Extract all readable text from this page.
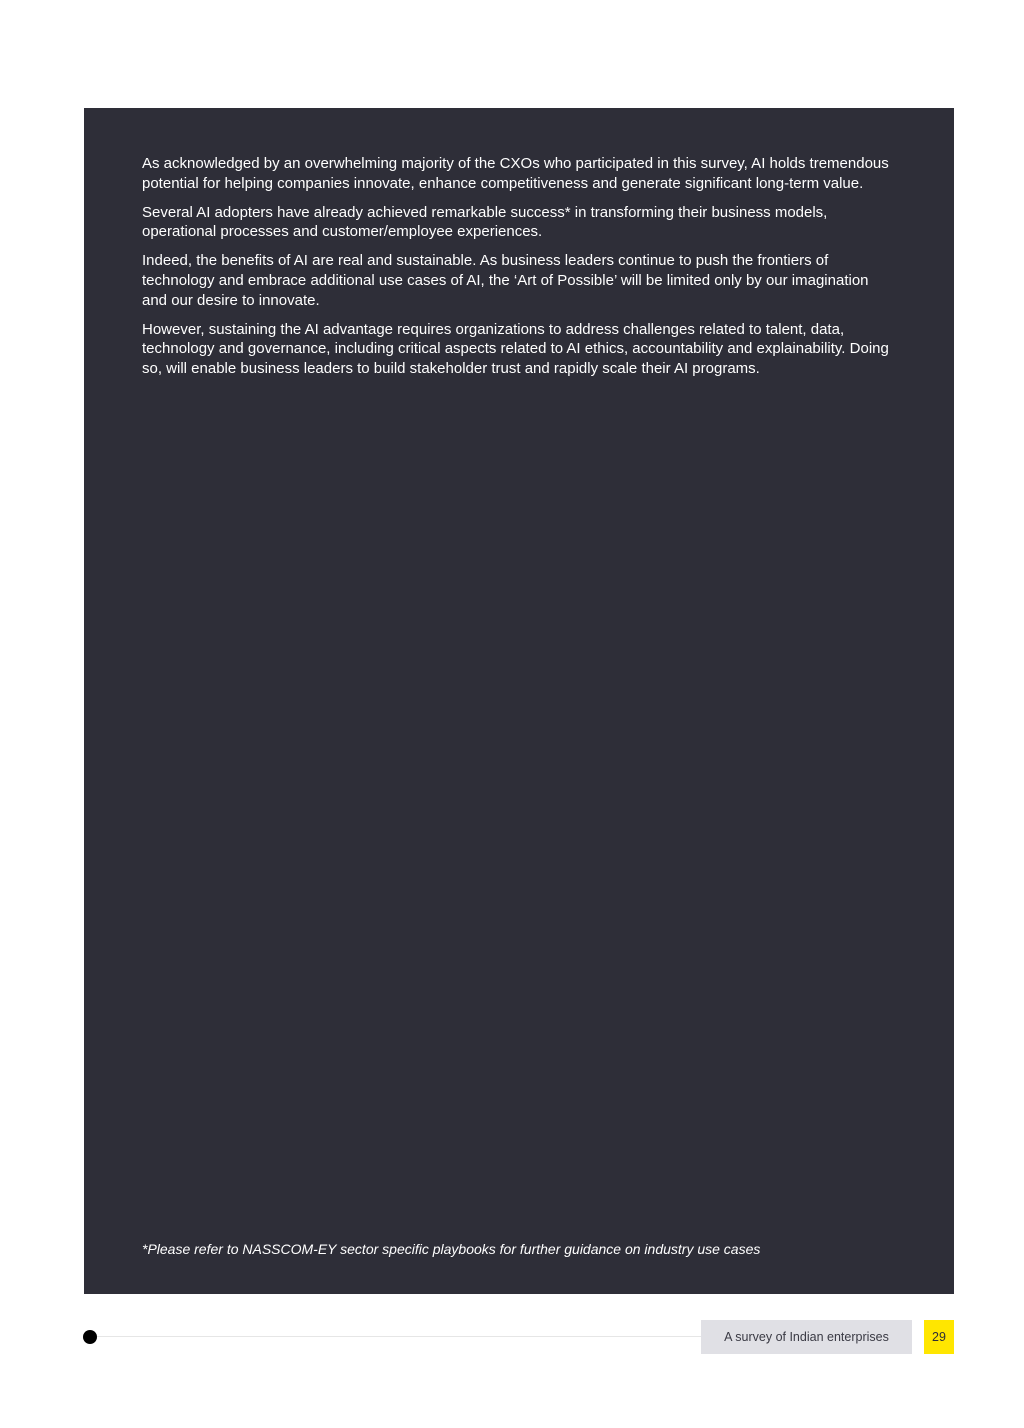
As acknowledged by an overwhelming majority of the CXOs who participated in this survey, AI holds tremendous potential for helping companies innovate, enhance competitiveness and generate significant long-term value.

Several AI adopters have already achieved remarkable success* in transforming their business models, operational processes and customer/employee experiences.

Indeed, the benefits of AI are real and sustainable. As business leaders continue to push the frontiers of technology and embrace additional use cases of AI, the ‘Art of Possible’ will be limited only by our imagination and our desire to innovate.

However, sustaining the AI advantage requires organizations to address challenges related to talent, data, technology and governance, including critical aspects related to AI ethics, accountability and explainability. Doing so, will enable business leaders to build stakeholder trust and rapidly scale their AI programs.

*Please refer to NASSCOM-EY sector specific playbooks for further guidance on industry use cases
A survey of Indian enterprises	29
